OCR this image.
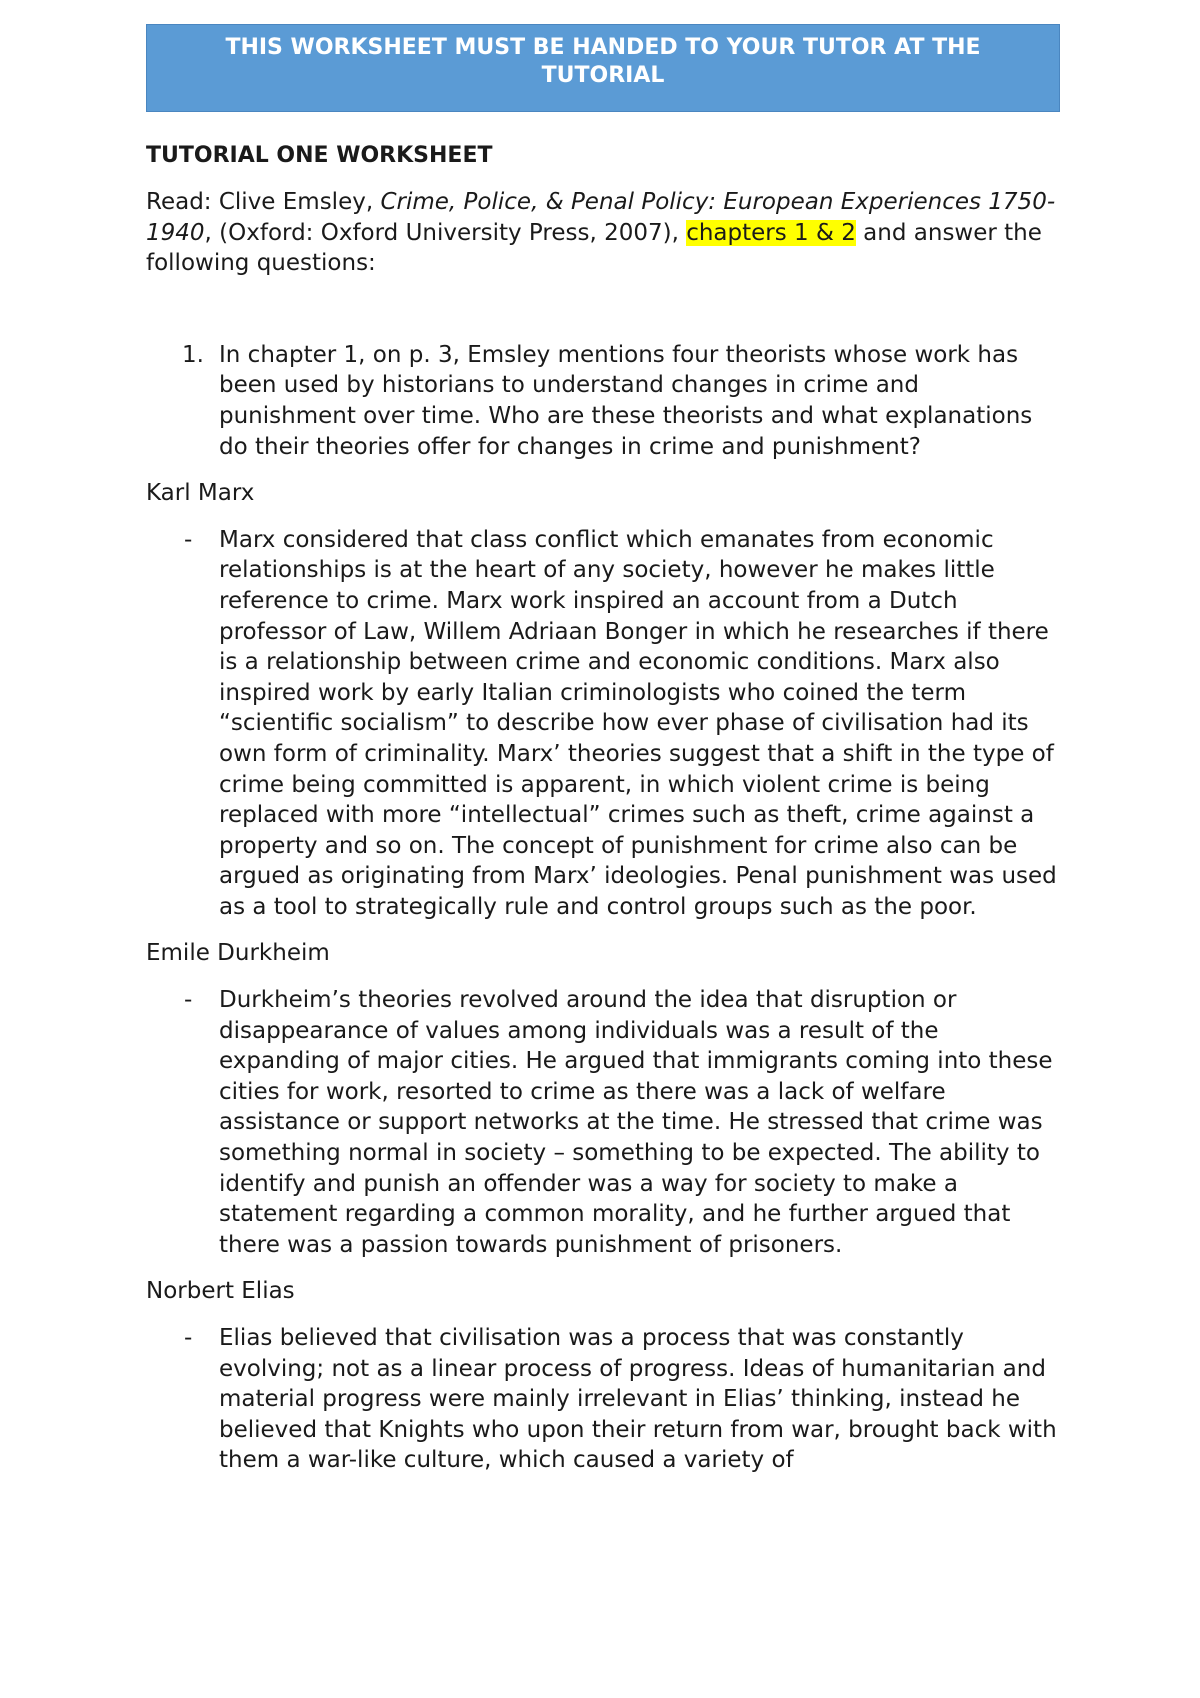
THIS WORKSHEET MUST BE HANDED TO YOUR TUTOR AT THE TUTORIAL
TUTORIAL ONE WORKSHEET

Read: Clive Emsley, Crime, Police, & Penal Policy: European Experiences 1750-1940, (Oxford: Oxford University Press, 2007), chapters 1 & 2 and answer the following questions:

1. In chapter 1, on p. 3, Emsley mentions four theorists whose work has been used by historians to understand changes in crime and punishment over time. Who are these theorists and what explanations do their theories offer for changes in crime and punishment?
Karl Marx
- Marx considered that class conflict which emanates from economic relationships is at the heart of any society, however he makes little reference to crime. Marx work inspired an account from a Dutch professor of Law, Willem Adriaan Bonger in which he researches if there is a relationship between crime and economic conditions. Marx also inspired work by early Italian criminologists who coined the term “scientific socialism” to describe how ever phase of civilisation had its own form of criminality. Marx’ theories suggest that a shift in the type of crime being committed is apparent, in which violent crime is being replaced with more “intellectual” crimes such as theft, crime against a property and so on. The concept of punishment for crime also can be argued as originating from Marx’ ideologies. Penal punishment was used as a tool to strategically rule and control groups such as the poor.
Emile Durkheim
- Durkheim’s theories revolved around the idea that disruption or disappearance of values among individuals was a result of the expanding of major cities. He argued that immigrants coming into these cities for work, resorted to crime as there was a lack of welfare assistance or support networks at the time. He stressed that crime was something normal in society – something to be expected. The ability to identify and punish an offender was a way for society to make a statement regarding a common morality, and he further argued that there was a passion towards punishment of prisoners.
Norbert Elias
- Elias believed that civilisation was a process that was constantly evolving; not as a linear process of progress. Ideas of humanitarian and material progress were mainly irrelevant in Elias’ thinking, instead he believed that Knights who upon their return from war, brought back with them a war-like culture, which caused a variety of
